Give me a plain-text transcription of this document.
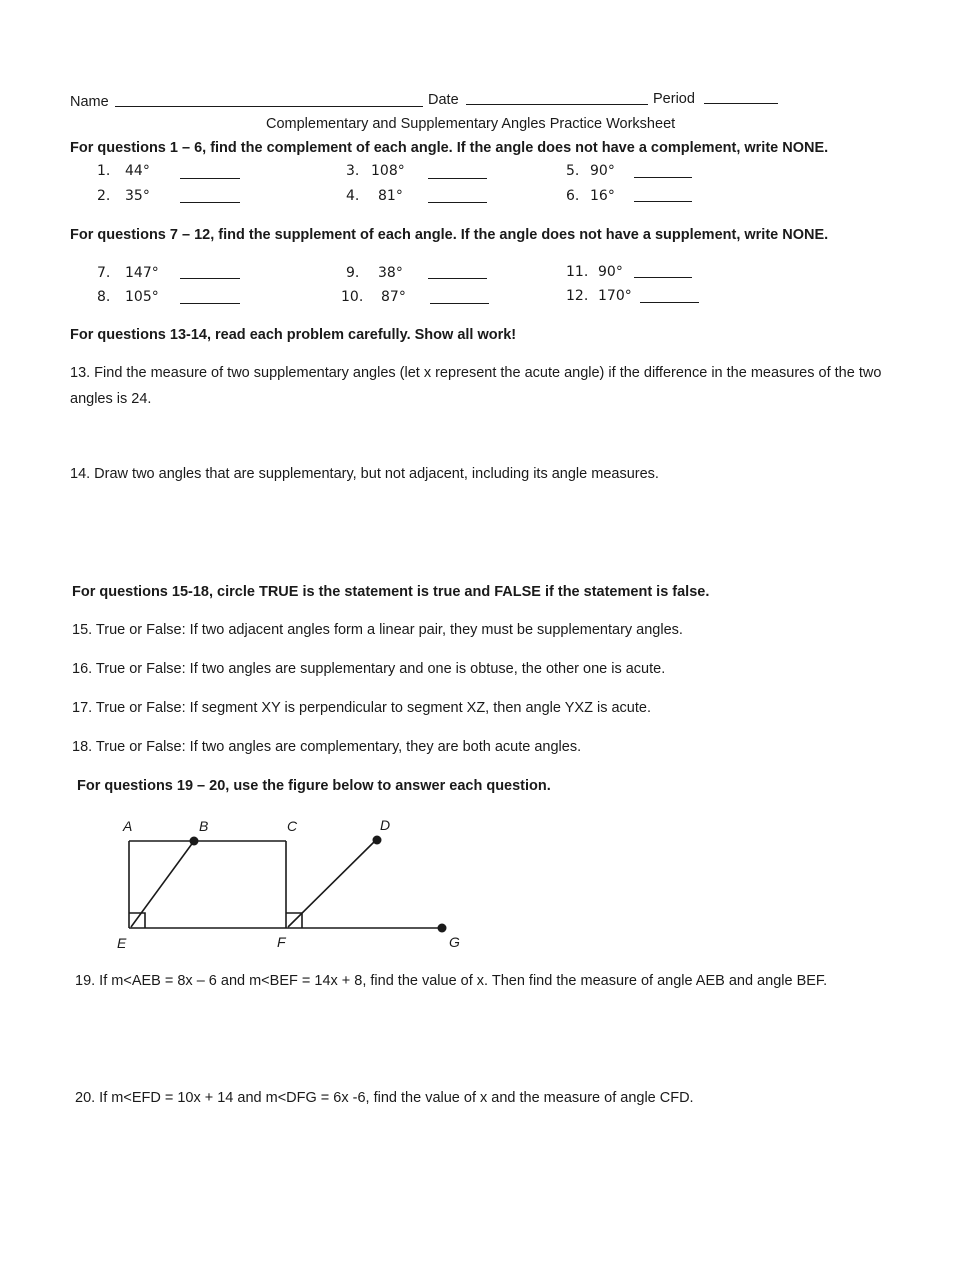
Name	Date	Period
Complementary and Supplementary Angles Practice Worksheet
For questions 1 – 6, find the complement of each angle. If the angle does not have a complement, write NONE.
1. 44°
2. 35°
3. 108°
4. 81°
5. 90°
6. 16°
For questions 7 – 12, find the supplement of each angle. If the angle does not have a supplement, write NONE.
7. 147°
8. 105°
9. 38°
10. 87°
11. 90°
12. 170°
For questions 13-14, read each problem carefully. Show all work!
13. Find the measure of two supplementary angles (let x represent the acute angle) if the difference in the measures of the two angles is 24.
14. Draw two angles that are supplementary, but not adjacent, including its angle measures.
For questions 15-18, circle TRUE is the statement is true and FALSE if the statement is false.
15. True or False: If two adjacent angles form a linear pair, they must be supplementary angles.
16. True or False: If two angles are supplementary and one is obtuse, the other one is acute.
17. True or False: If segment XY is perpendicular to segment XZ, then angle YXZ is acute.
18. True or False: If two angles are complementary, they are both acute angles.
For questions 19 – 20, use the figure below to answer each question.
A	B	C	D
E	F	G
19. If m<AEB = 8x – 6 and m<BEF = 14x + 8, find the value of x. Then find the measure of angle AEB and angle BEF.
20. If m<EFD = 10x + 14 and m<DFG = 6x -6, find the value of x and the measure of angle CFD.
